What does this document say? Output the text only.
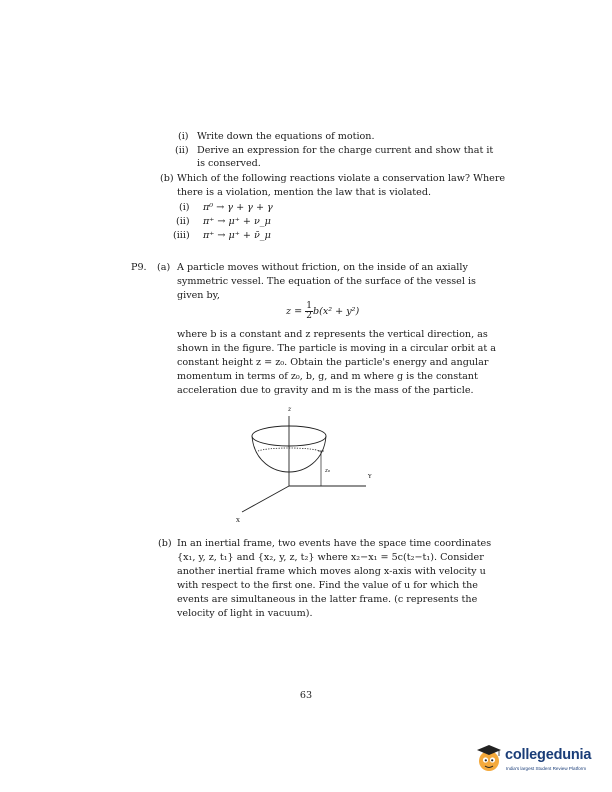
(i) Write down the equations of motion.
(ii) Derive an expression for the charge current and show that it
is conserved.
(b) Which of the following reactions violate a conservation law? Where
there is a violation, mention the law that is violated.
(i) π⁰ → γ + γ + γ
(ii) π⁺ → μ⁺ + ν_μ
(iii) π⁺ → μ⁺ + ν̄_μ
P9. (a) A particle moves without friction, on the inside of an axially
symmetric vessel. The equation of the surface of the vessel is
given by,
$z = \frac{1}{2} b(x^2 + y^2)$
where b is a constant and z represents the vertical direction, as
shown in the figure. The particle is moving in a circular orbit at a
constant height z = z₀. Obtain the particle's energy and angular
momentum in terms of z₀, b, g, and m where g is the constant
acceleration due to gravity and m is the mass of the particle.
z
Y
X
z₀
(b) In an inertial frame, two events have the space time coordinates
{x₁, y, z, t₁} and {x₂, y, z, t₂} where x₂−x₁ = 5c(t₂−t₁). Consider
another inertial frame which moves along x-axis with velocity u
with respect to the first one. Find the value of u for which the
events are simultaneous in the latter frame. (c represents the
velocity of light in vacuum).
63
collegedunia
India's largest Student Review Platform
